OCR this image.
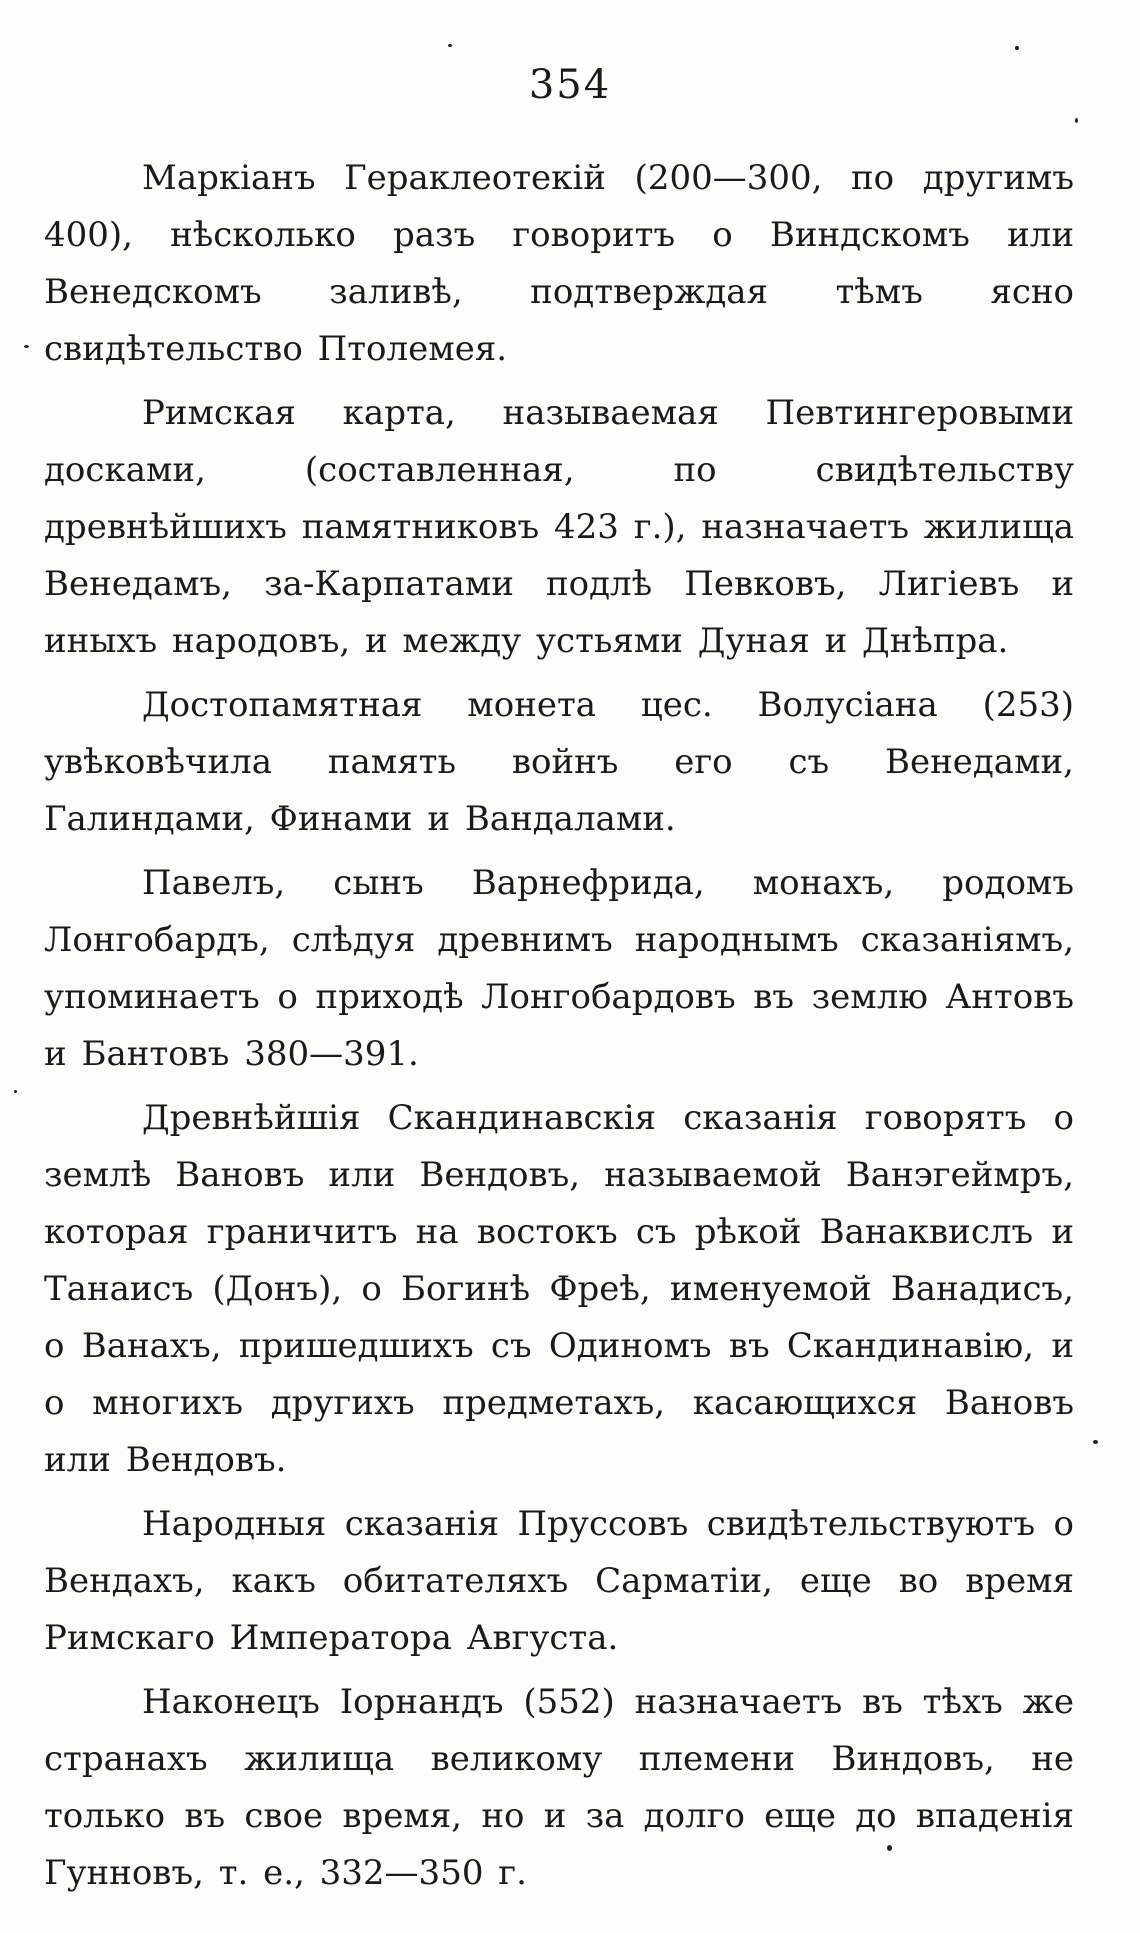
354

Маркіанъ Гераклеотекій (200—300, по другимъ 400), нѣсколько разъ говоритъ о Виндскомъ или Венедскомъ заливѣ, подтверждая тѣмъ ясно свидѣтельство Птолемея.

Римская карта, называемая Певтингеровыми досками, (составленная, по свидѣтельству древнѣйшихъ памятниковъ 423 г.), назначаетъ жилища Венедамъ, за-Карпатами подлѣ Певковъ, Лигіевъ и иныхъ народовъ, и между устьями Дуная и Днѣпра.

Достопамятная монета цес. Волусіана (253) увѣковѣчила память войнъ его съ Венедами, Галиндами, Финами и Вандалами.

Павелъ, сынъ Варнефрида, монахъ, родомъ Лонгобардъ, слѣдуя древнимъ народнымъ сказаніямъ, упоминаетъ о приходѣ Лонгобардовъ въ землю Антовъ и Бантовъ 380—391.

Древнѣйшія Скандинавскія сказанія говорятъ о землѣ Вановъ или Вендовъ, называемой Ванэгеймръ, которая граничитъ на востокъ съ рѣкой Ванаквислъ и Танаисъ (Донъ), о Богинѣ Фреѣ, именуемой Ванадисъ, о Ванахъ, пришедшихъ съ Одиномъ въ Скандинавію, и о многихъ другихъ предметахъ, касающихся Вановъ или Вендовъ.

Народныя сказанія Пруссовъ свидѣтельствуютъ о Вендахъ, какъ обитателяхъ Сарматіи, еще во время Римскаго Императора Августа.

Наконецъ Іорнандъ (552) назначаетъ въ тѣхъ же странахъ жилища великому племени Виндовъ, не только въ свое время, но и за долго еще до впаденія Гунновъ, т. е., 332—350 г.
